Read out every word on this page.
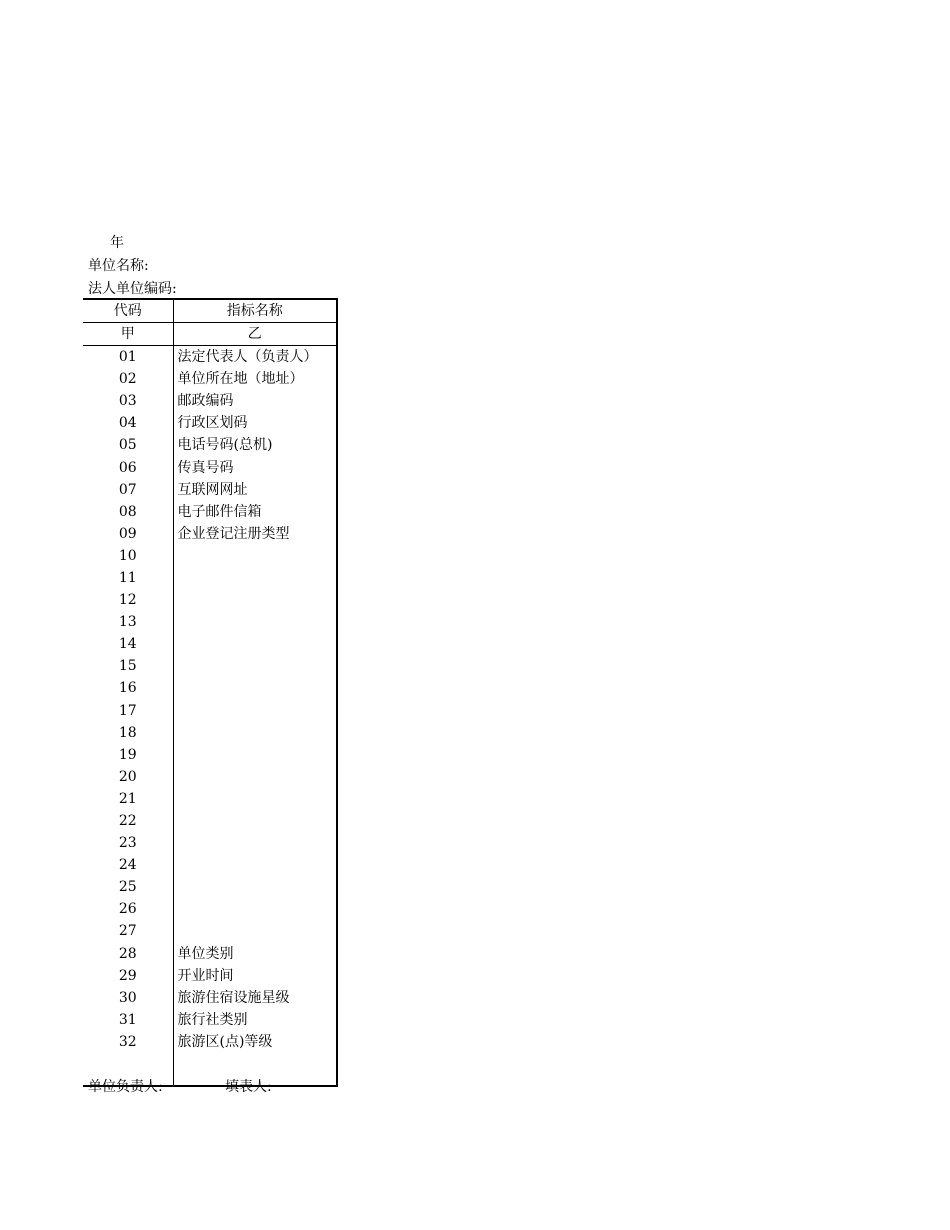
年
单位名称:
法人单位编码:
代码	指标名称
甲	乙
01	法定代表人（负责人）
02	单位所在地（地址）
03	邮政编码
04	行政区划码
05	电话号码(总机)
06	传真号码
07	互联网网址
08	电子邮件信箱
09	企业登记注册类型
10	
11	
12	
13	
14	
15	
16	
17	
18	
19	
20	
21	
22	
23	
24	
25	
26	
27	
28	单位类别
29	开业时间
30	旅游住宿设施星级
31	旅行社类别
32	旅游区(点)等级

单位负责人:	填表人:
